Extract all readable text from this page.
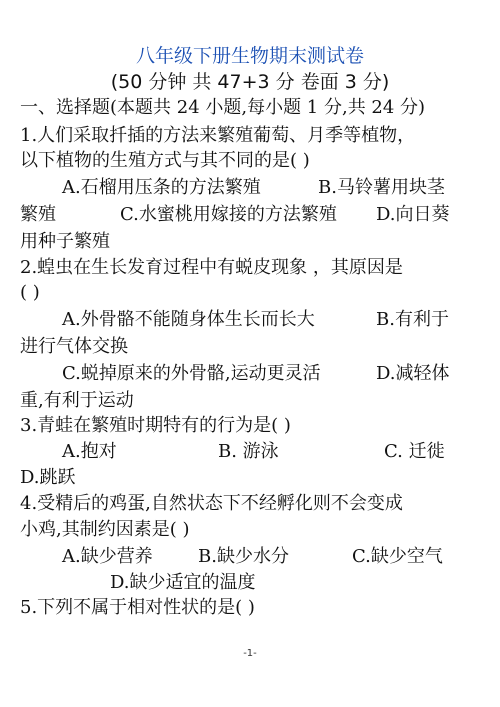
八年级下册生物期末测试卷
(50 分钟 共 47+3 分 卷面 3 分)
一、选择题(本题共 24 小题,每小题 1 分,共 24 分)
1.人们采取扦插的方法来繁殖葡萄、月季等植物，
以下植物的生殖方式与其不同的是( )
A.石榴用压条的方法繁殖	B.马铃薯用块茎
繁殖	C.水蜜桃用嫁接的方法繁殖 D.向日葵
用种子繁殖
2.蝗虫在生长发育过程中有蜕皮现象 ，其原因是
( )
A.外骨骼不能随身体生长而长大	B.有利于
进行气体交换
C.蜕掉原来的外骨骼,运动更灵活	D.减轻体
重,有利于运动
3.青蛙在繁殖时期特有的行为是( )
A.抱对	B. 游泳	C. 迁徙
D.跳跃
4.受精后的鸡蛋,自然状态下不经孵化则不会变成
小鸡,其制约因素是( )
A.缺少营养	B.缺少水分	C.缺少空气
D.缺少适宜的温度
5.下列不属于相对性状的是( )
-1-
